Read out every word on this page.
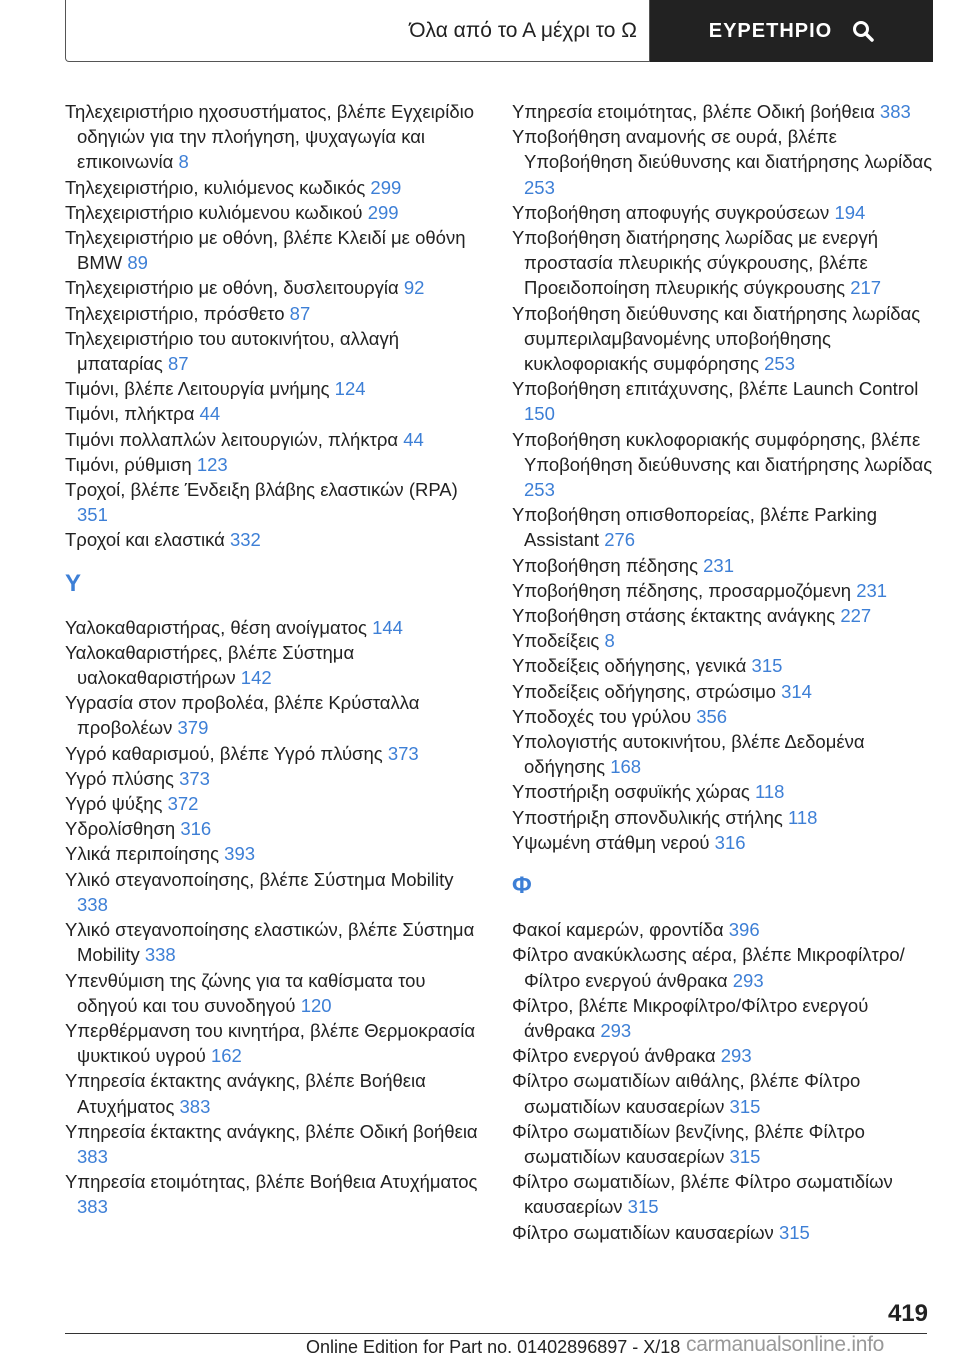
Όλα από το Α μέχρι το Ω	ΕΥΡΕΤΗΡΙΟ
Τηλεχειριστήριο ηχοσυστήματος, βλέπε Εγχειρίδιο οδηγιών για την πλοήγηση, ψυχαγωγία και επικοινωνία 8
Τηλεχειριστήριο, κυλιόμενος κωδικός 299
Τηλεχειριστήριο κυλιόμενου κωδικού 299
Τηλεχειριστήριο με οθόνη, βλέπε Κλειδί με οθόνη BMW 89
Τηλεχειριστήριο με οθόνη, δυσλειτουργία 92
Τηλεχειριστήριο, πρόσθετο 87
Τηλεχειριστήριο του αυτοκινήτου, αλλαγή μπαταρίας 87
Τιμόνι, βλέπε Λειτουργία μνήμης 124
Τιμόνι, πλήκτρα 44
Τιμόνι πολλαπλών λειτουργιών, πλήκτρα 44
Τιμόνι, ρύθμιση 123
Τροχοί, βλέπε Ένδειξη βλάβης ελαστικών (RPA) 351
Τροχοί και ελαστικά 332
Υ
Υαλοκαθαριστήρας, θέση ανοίγματος 144
Υαλοκαθαριστήρες, βλέπε Σύστημα υαλοκαθαριστήρων 142
Υγρασία στον προβολέα, βλέπε Κρύσταλλα προβολέων 379
Υγρό καθαρισμού, βλέπε Υγρό πλύσης 373
Υγρό πλύσης 373
Υγρό ψύξης 372
Υδρολίσθηση 316
Υλικά περιποίησης 393
Υλικό στεγανοποίησης, βλέπε Σύστημα Mobility 338
Υλικό στεγανοποίησης ελαστικών, βλέπε Σύστημα Mobility 338
Υπενθύμιση της ζώνης για τα καθίσματα του οδηγού και του συνοδηγού 120
Υπερθέρμανση του κινητήρα, βλέπε Θερμοκρασία ψυκτικού υγρού 162
Υπηρεσία έκτακτης ανάγκης, βλέπε Βοήθεια Ατυχήματος 383
Υπηρεσία έκτακτης ανάγκης, βλέπε Οδική βοήθεια 383
Υπηρεσία ετοιμότητας, βλέπε Βοήθεια Ατυχήματος 383
Υπηρεσία ετοιμότητας, βλέπε Οδική βοήθεια 383
Υποβοήθηση αναμονής σε ουρά, βλέπε Υποβοήθηση διεύθυνσης και διατήρησης λωρίδας 253
Υποβοήθηση αποφυγής συγκρούσεων 194
Υποβοήθηση διατήρησης λωρίδας με ενεργή προστασία πλευρικής σύγκρουσης, βλέπε Προειδοποίηση πλευρικής σύγκρουσης 217
Υποβοήθηση διεύθυνσης και διατήρησης λωρίδας συμπεριλαμβανομένης υποβοήθησης κυκλοφοριακής συμφόρησης 253
Υποβοήθηση επιτάχυνσης, βλέπε Launch Control 150
Υποβοήθηση κυκλοφοριακής συμφόρησης, βλέπε Υποβοήθηση διεύθυνσης και διατήρησης λωρίδας 253
Υποβοήθηση οπισθοπορείας, βλέπε Parking Assistant 276
Υποβοήθηση πέδησης 231
Υποβοήθηση πέδησης, προσαρμοζόμενη 231
Υποβοήθηση στάσης έκτακτης ανάγκης 227
Υποδείξεις 8
Υποδείξεις οδήγησης, γενικά 315
Υποδείξεις οδήγησης, στρώσιμο 314
Υποδοχές του γρύλου 356
Υπολογιστής αυτοκινήτου, βλέπε Δεδομένα οδήγησης 168
Υποστήριξη οσφυϊκής χώρας 118
Υποστήριξη σπονδυλικής στήλης 118
Υψωμένη στάθμη νερού 316
Φ
Φακοί καμερών, φροντίδα 396
Φίλτρο ανακύκλωσης αέρα, βλέπε Μικροφίλτρο/Φίλτρο ενεργού άνθρακα 293
Φίλτρο, βλέπε Μικροφίλτρο/Φίλτρο ενεργού άνθρακα 293
Φίλτρο ενεργού άνθρακα 293
Φίλτρο σωματιδίων αιθάλης, βλέπε Φίλτρο σωματιδίων καυσαερίων 315
Φίλτρο σωματιδίων βενζίνης, βλέπε Φίλτρο σωματιδίων καυσαερίων 315
Φίλτρο σωματιδίων, βλέπε Φίλτρο σωματιδίων καυσαερίων 315
Φίλτρο σωματιδίων καυσαερίων 315
419
Online Edition for Part no. 01402896897 - X/18 carmanualsonline.info
